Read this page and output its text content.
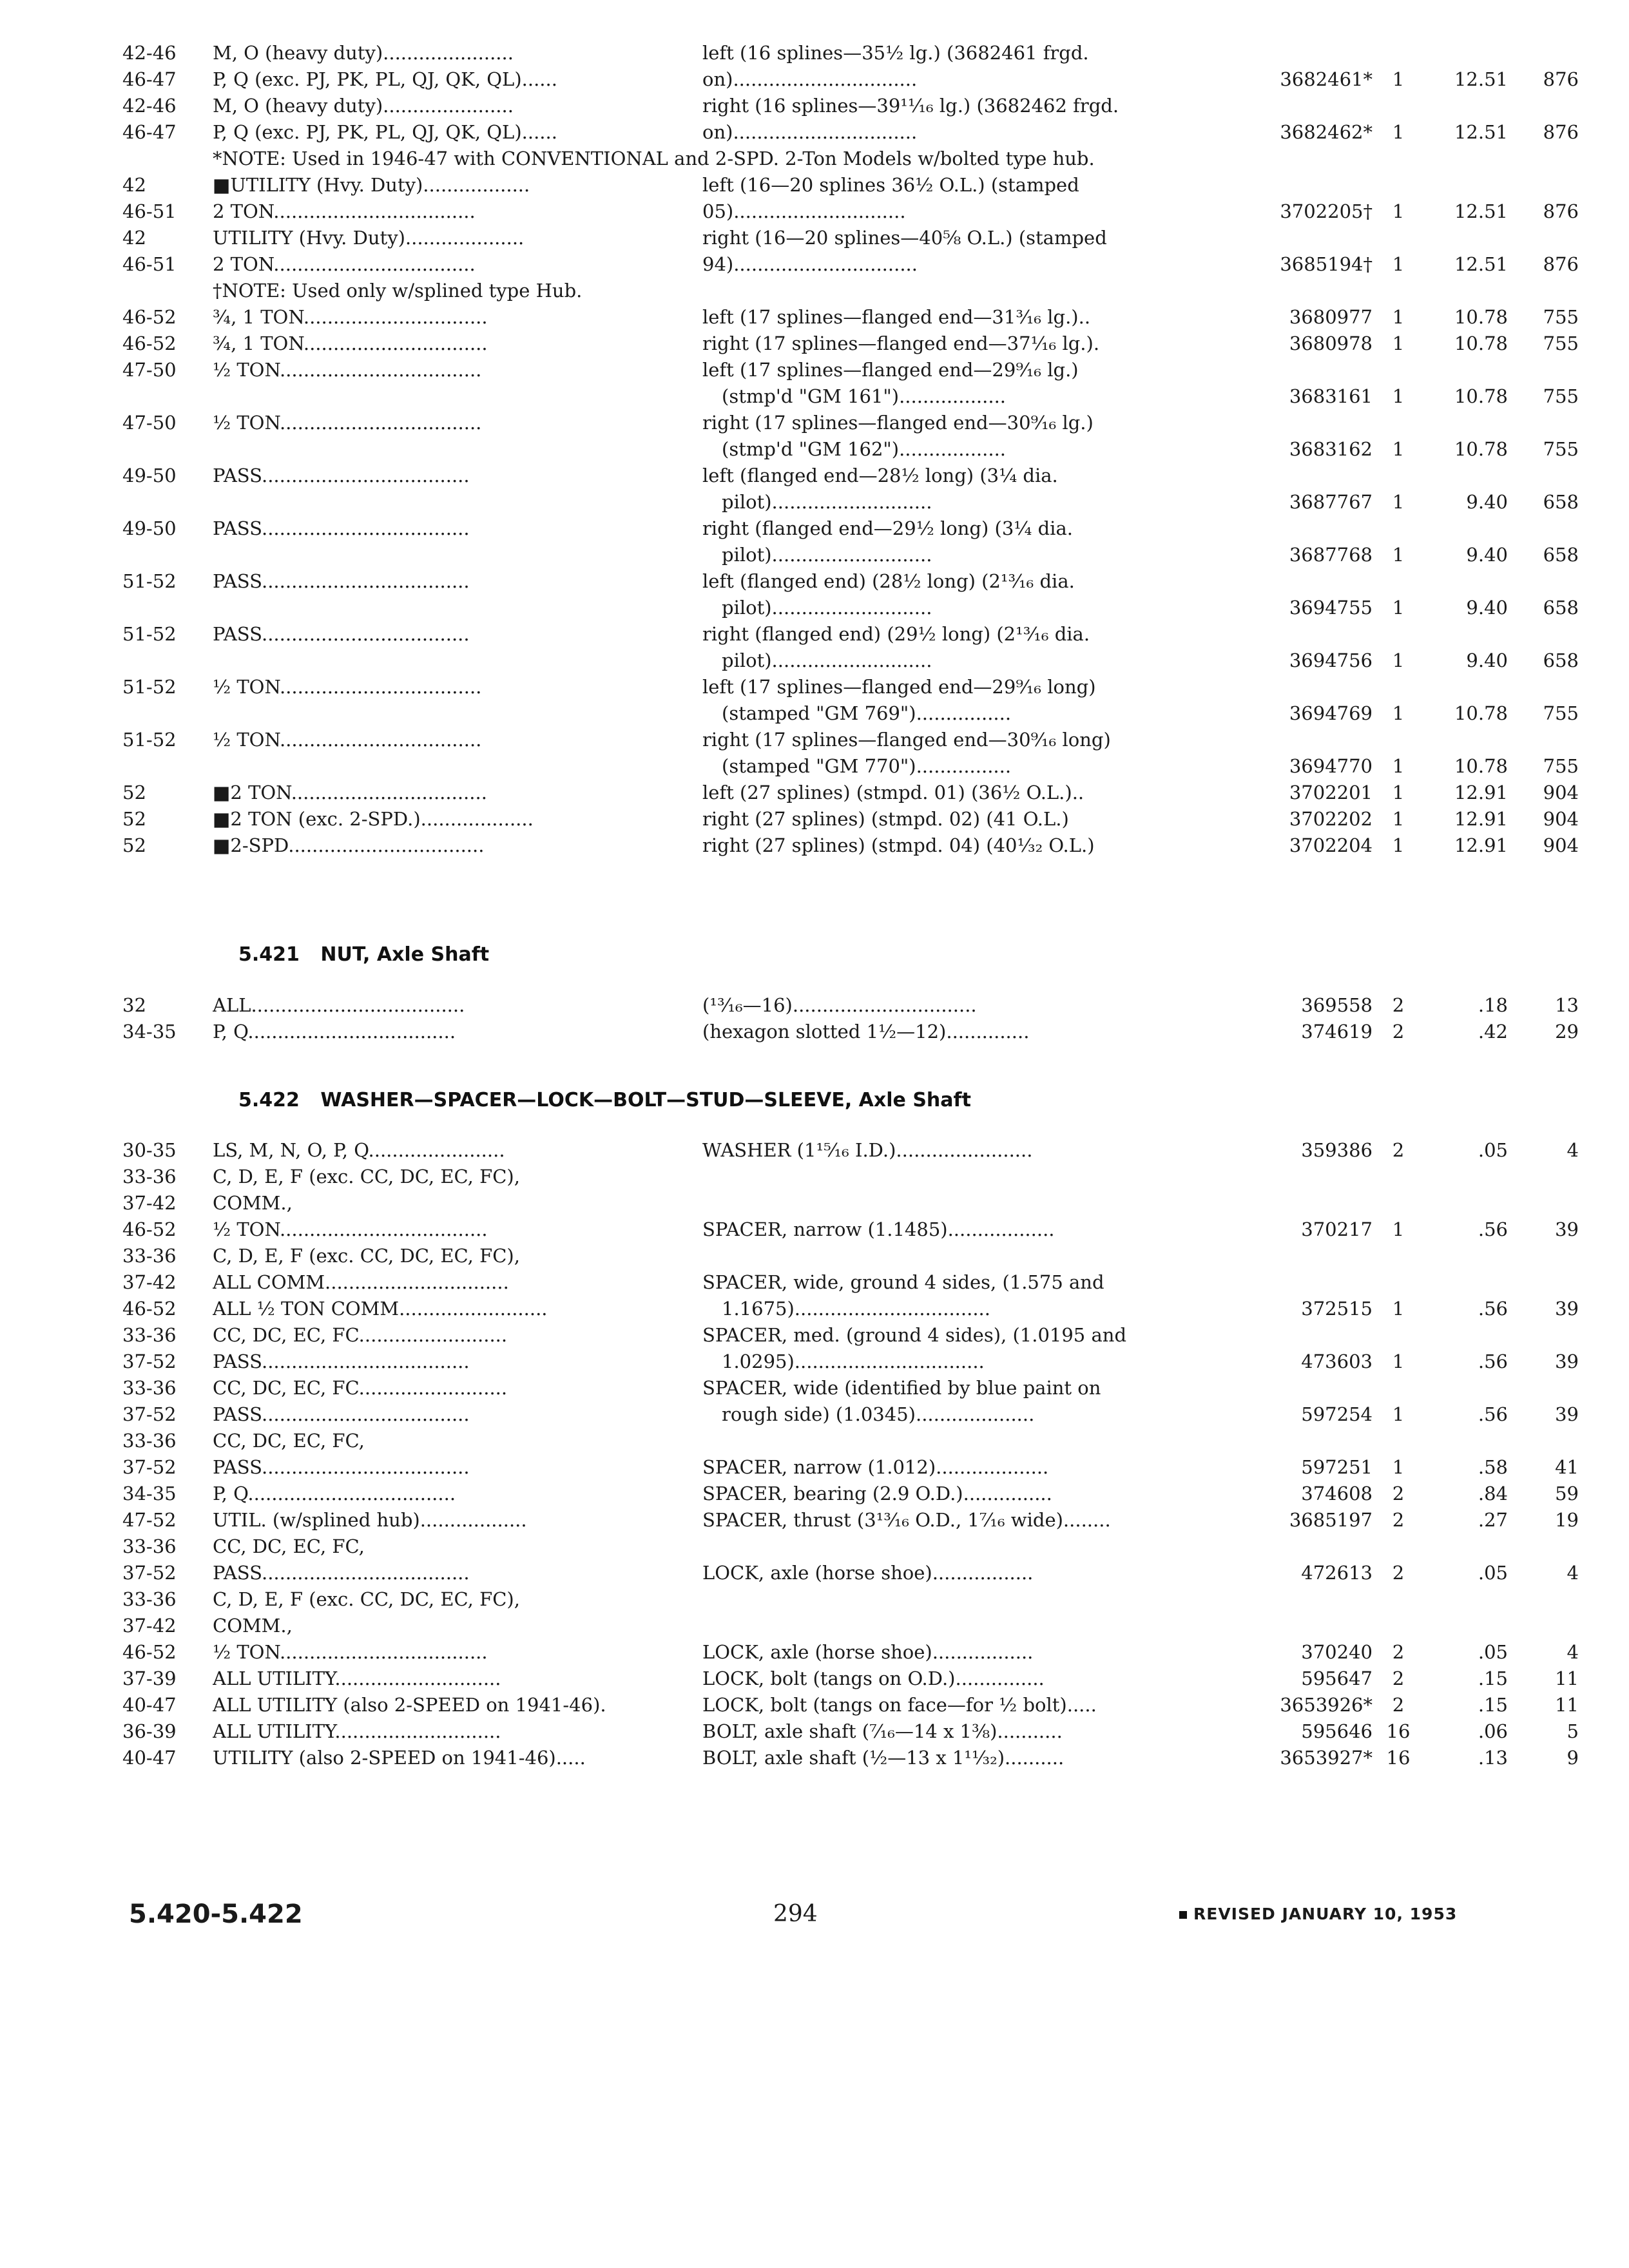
42-46	M, O (heavy duty)......................	left (16 splines—35½ lg.) (3682461 frgd.
46-47	P, Q (exc. PJ, PK, PL, QJ, QK, QL)......	on)...............................	3682461*	1	12.51	876
42-46	M, O (heavy duty)......................	right (16 splines—39¹¹⁄₁₆ lg.) (3682462 frgd.
46-47	P, Q (exc. PJ, PK, PL, QJ, QK, QL)......	on)...............................	3682462*	1	12.51	876
*NOTE: Used in 1946-47 with CONVENTIONAL and 2-SPD. 2-Ton Models w/bolted type hub.
42	■UTILITY (Hvy. Duty)..................	left (16—20 splines 36½ O.L.) (stamped
46-51	2 TON..................................	05).............................	3702205†	1	12.51	876
42	UTILITY (Hvy. Duty)....................	right (16—20 splines—40⅝ O.L.) (stamped
46-51	2 TON..................................	94)...............................	3685194†	1	12.51	876
†NOTE: Used only w/splined type Hub.
46-52	¾, 1 TON...............................	left (17 splines—flanged end—31³⁄₁₆ lg.)..	3680977	1	10.78	755
46-52	¾, 1 TON...............................	right (17 splines—flanged end—37¹⁄₁₆ lg.).	3680978	1	10.78	755
47-50	½ TON..................................	left (17 splines—flanged end—29⁹⁄₁₆ lg.)
(stmp'd "GM 161")..................	3683161	1	10.78	755
47-50	½ TON..................................	right (17 splines—flanged end—30⁹⁄₁₆ lg.)
(stmp'd "GM 162")..................	3683162	1	10.78	755
49-50	PASS...................................	left (flanged end—28½ long) (3¼ dia.
pilot)...........................	3687767	1	9.40	658
49-50	PASS...................................	right (flanged end—29½ long) (3¼ dia.
pilot)...........................	3687768	1	9.40	658
51-52	PASS...................................	left (flanged end) (28½ long) (2¹³⁄₁₆ dia.
pilot)...........................	3694755	1	9.40	658
51-52	PASS...................................	right (flanged end) (29½ long) (2¹³⁄₁₆ dia.
pilot)...........................	3694756	1	9.40	658
51-52	½ TON..................................	left (17 splines—flanged end—29⁹⁄₁₆ long)
(stamped "GM 769")................	3694769	1	10.78	755
51-52	½ TON..................................	right (17 splines—flanged end—30⁹⁄₁₆ long)
(stamped "GM 770")................	3694770	1	10.78	755
52	■2 TON.................................	left (27 splines) (stmpd. 01) (36½ O.L.)..	3702201	1	12.91	904
52	■2 TON (exc. 2-SPD.)...................	right (27 splines) (stmpd. 02) (41 O.L.)	3702202	1	12.91	904
52	■2-SPD.................................	right (27 splines) (stmpd. 04) (40¹⁄₃₂ O.L.)	3702204	1	12.91	904
5.421 NUT, Axle Shaft
32	ALL....................................	(¹³⁄₁₆—16)...............................	369558	2	.18	13
34-35	P, Q...................................	(hexagon slotted 1½—12)..............	374619	2	.42	29
5.422 WASHER—SPACER—LOCK—BOLT—STUD—SLEEVE, Axle Shaft
30-35	LS, M, N, O, P, Q.......................	WASHER (1¹⁵⁄₁₆ I.D.).......................	359386	2	.05	4
33-36	C, D, E, F (exc. CC, DC, EC, FC),
37-42	COMM.,
46-52	½ TON...................................	SPACER, narrow (1.1485)..................	370217	1	.56	39
33-36	C, D, E, F (exc. CC, DC, EC, FC),
37-42	ALL COMM...............................	SPACER, wide, ground 4 sides, (1.575 and
46-52	ALL ½ TON COMM.........................	1.1675).................................	372515	1	.56	39
33-36	CC, DC, EC, FC.........................	SPACER, med. (ground 4 sides), (1.0195 and
37-52	PASS...................................	1.0295)................................	473603	1	.56	39
33-36	CC, DC, EC, FC.........................	SPACER, wide (identified by blue paint on
37-52	PASS...................................	rough side) (1.0345)....................	597254	1	.56	39
33-36	CC, DC, EC, FC,
37-52	PASS...................................	SPACER, narrow (1.012)...................	597251	1	.58	41
34-35	P, Q...................................	SPACER, bearing (2.9 O.D.)...............	374608	2	.84	59
47-52	UTIL. (w/splined hub)..................	SPACER, thrust (3¹³⁄₁₆ O.D., 1⁷⁄₁₆ wide)........	3685197	2	.27	19
33-36	CC, DC, EC, FC,
37-52	PASS...................................	LOCK, axle (horse shoe).................	472613	2	.05	4
33-36	C, D, E, F (exc. CC, DC, EC, FC),
37-42	COMM.,
46-52	½ TON...................................	LOCK, axle (horse shoe).................	370240	2	.05	4
37-39	ALL UTILITY............................	LOCK, bolt (tangs on O.D.)...............	595647	2	.15	11
40-47	ALL UTILITY (also 2-SPEED on 1941-46).	LOCK, bolt (tangs on face—for ½ bolt).....	3653926*	2	.15	11
36-39	ALL UTILITY............................	BOLT, axle shaft (⁷⁄₁₆—14 x 1⅜)...........	595646 16	.06	5
40-47	UTILITY (also 2-SPEED on 1941-46).....	BOLT, axle shaft (½—13 x 1¹¹⁄₃₂)..........	3653927* 16	.13	9
5.420-5.422	294	REVISED JANUARY 10, 1953
